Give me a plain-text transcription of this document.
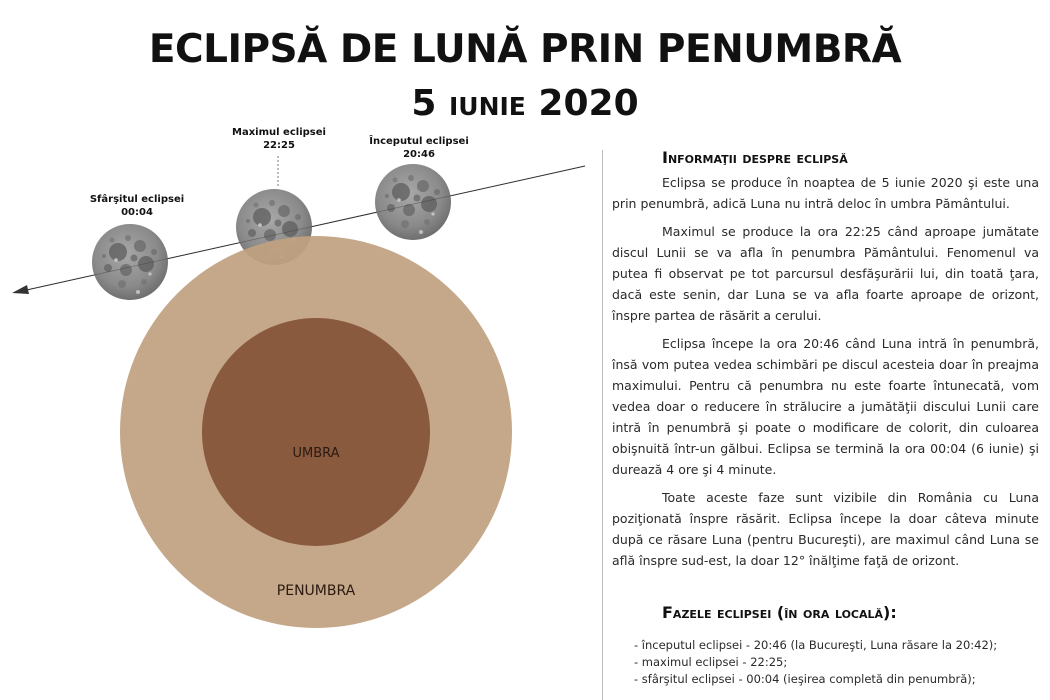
ECLIPSĂ DE LUNĂ PRIN PENUMBRĂ
5 IUNIE 2020
UMBRA
PENUMBRA
Maximul eclipsei
22:25	Începutul eclipsei
20:46
Sfârşitul eclipsei
00:04
Informaţii despre eclipsă

Eclipsa se produce în noaptea de 5 iunie 2020 şi este una prin penumbră, adică Luna nu intră deloc în umbra Pământului.

Maximul se produce la ora 22:25 când aproape jumătate discul Lunii se va afla în penumbra Pământului. Fenomenul va putea fi observat pe tot parcursul desfăşurării lui, din toată ţara, dacă este senin, dar Luna se va afla foarte aproape de orizont, înspre partea de răsărit a cerului.

Eclipsa începe la ora 20:46 când Luna intră în penumbră, însă vom putea vedea schimbări pe discul acesteia doar în preajma maximului. Pentru că penumbra nu este foarte întunecată, vom vedea doar o reducere în strălucire a jumătăţii discului Lunii care intră în penumbră şi poate o modificare de colorit, din culoarea obişnuită într-un gălbui. Eclipsa se termină la ora 00:04 (6 iunie) şi durează 4 ore şi 4 minute.

Toate aceste faze sunt vizibile din România cu Luna poziţionată înspre răsărit. Eclipsa începe la doar câteva minute după ce răsare Luna (pentru Bucureşti), are maximul când Luna se află înspre sud-est, la doar 12° înălţime faţă de orizont.

Fazele eclipsei (în ora locală):
- începutul eclipsei - 20:46 (la Bucureşti, Luna răsare la 20:42);
- maximul eclipsei - 22:25;
- sfârşitul eclipsei - 00:04 (ieşirea completă din penumbră);
